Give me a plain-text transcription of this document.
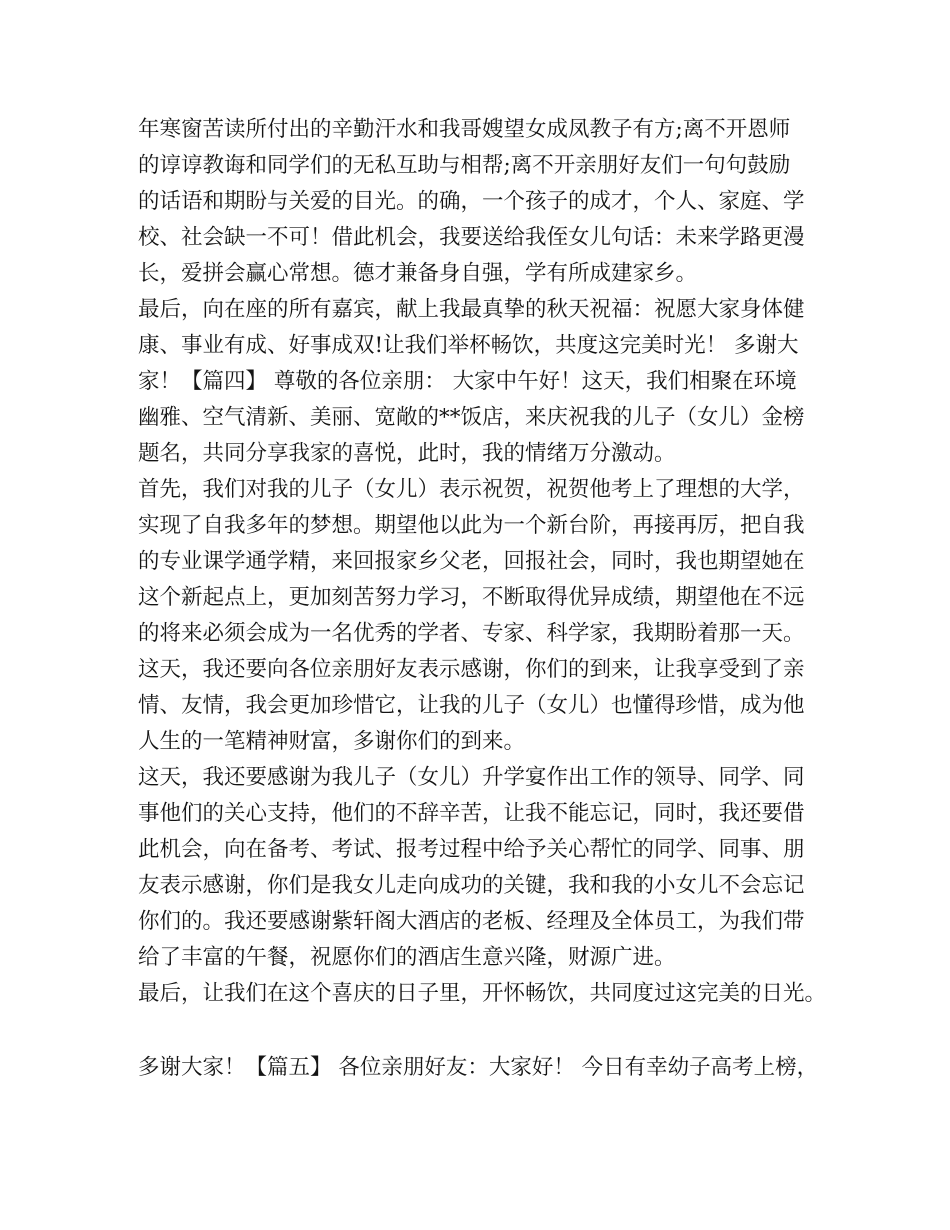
年寒窗苦读所付出的辛勤汗水和我哥嫂望女成凤教子有方;离不开恩师

的谆谆教诲和同学们的无私互助与相帮;离不开亲朋好友们一句句鼓励

的话语和期盼与关爱的目光。的确，一个孩子的成才，个人、家庭、学

校、社会缺一不可！借此机会，我要送给我侄女儿句话：未来学路更漫

长，爱拼会赢心常想。德才兼备身自强，学有所成建家乡。

最后，向在座的所有嘉宾，献上我最真挚的秋天祝福：祝愿大家身体健

康、事业有成、好事成双!让我们举杯畅饮，共度这完美时光！ 多谢大

家！【篇四】 尊敬的各位亲朋： 大家中午好！这天，我们相聚在环境

幽雅、空气清新、美丽、宽敞的**饭店，来庆祝我的儿子（女儿）金榜

题名，共同分享我家的喜悦，此时，我的情绪万分激动。

首先，我们对我的儿子（女儿）表示祝贺，祝贺他考上了理想的大学，

实现了自我多年的梦想。期望他以此为一个新台阶，再接再厉，把自我

的专业课学通学精，来回报家乡父老，回报社会，同时，我也期望她在

这个新起点上，更加刻苦努力学习，不断取得优异成绩，期望他在不远

的将来必须会成为一名优秀的学者、专家、科学家，我期盼着那一天。

这天，我还要向各位亲朋好友表示感谢，你们的到来，让我享受到了亲

情、友情，我会更加珍惜它，让我的儿子（女儿）也懂得珍惜，成为他

人生的一笔精神财富，多谢你们的到来。

这天，我还要感谢为我儿子（女儿）升学宴作出工作的领导、同学、同

事他们的关心支持，他们的不辞辛苦，让我不能忘记，同时，我还要借

此机会，向在备考、考试、报考过程中给予关心帮忙的同学、同事、朋

友表示感谢，你们是我女儿走向成功的关键，我和我的小女儿不会忘记

你们的。我还要感谢紫轩阁大酒店的老板、经理及全体员工，为我们带

给了丰富的午餐，祝愿你们的酒店生意兴隆，财源广进。

最后，让我们在这个喜庆的日子里，开怀畅饮，共同度过这完美的日光。

多谢大家！【篇五】 各位亲朋好友：大家好！ 今日有幸幼子高考上榜，
